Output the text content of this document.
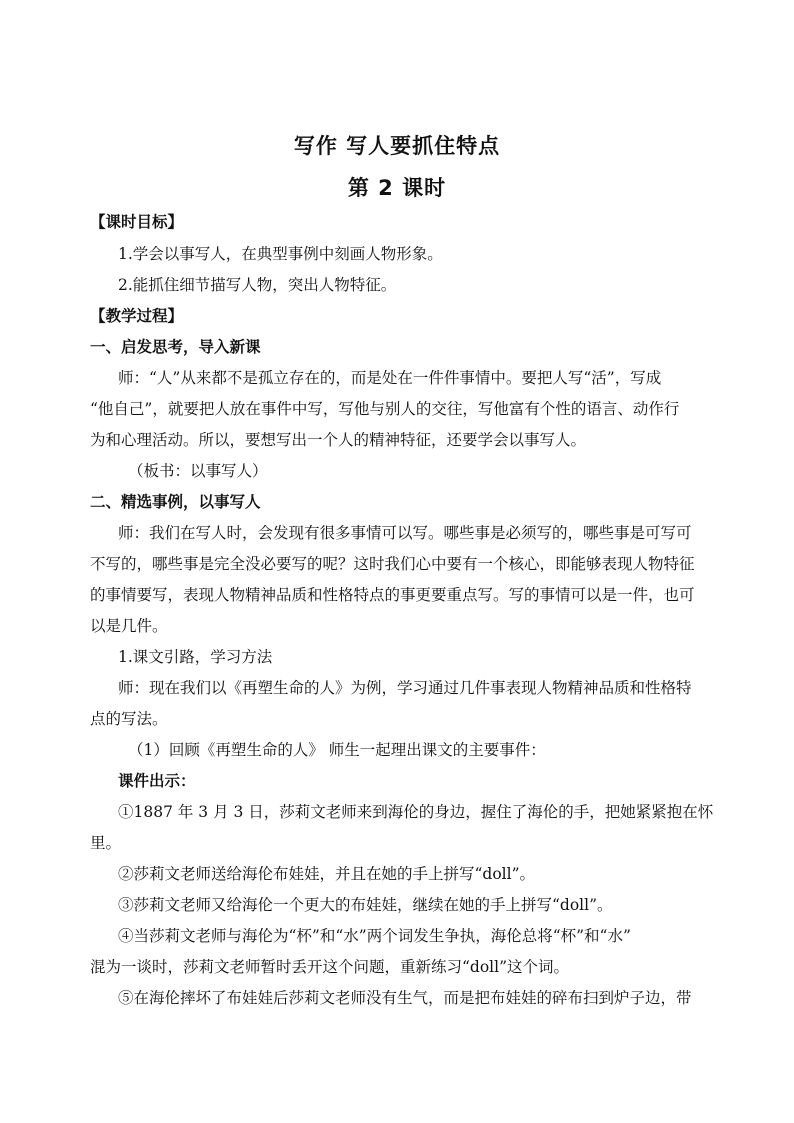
写作 写人要抓住特点
第 2 课时
【课时目标】
1.学会以事写人，在典型事例中刻画人物形象。
2.能抓住细节描写人物，突出人物特征。
【教学过程】
一、启发思考，导入新课
师：“人”从来都不是孤立存在的，而是处在一件件事情中。要把人写“活”，写成
“他自己”，就要把人放在事件中写，写他与别人的交往，写他富有个性的语言、动作行
为和心理活动。所以，要想写出一个人的精神特征，还要学会以事写人。
（板书：以事写人）
二、精选事例，以事写人
师：我们在写人时，会发现有很多事情可以写。哪些事是必须写的，哪些事是可写可
不写的，哪些事是完全没必要写的呢？这时我们心中要有一个核心，即能够表现人物特征
的事情要写，表现人物精神品质和性格特点的事更要重点写。写的事情可以是一件，也可
以是几件。
1.课文引路，学习方法
师：现在我们以《再塑生命的人》为例，学习通过几件事表现人物精神品质和性格特
点的写法。
（1）回顾《再塑生命的人》 师生一起理出课文的主要事件：
课件出示：
①1887 年 3 月 3 日，莎莉文老师来到海伦的身边，握住了海伦的手，把她紧紧抱在怀
里。
②莎莉文老师送给海伦布娃娃，并且在她的手上拼写“doll”。
③莎莉文老师又给海伦一个更大的布娃娃，继续在她的手上拼写“doll”。
④当莎莉文老师与海伦为“杯”和“水”两个词发生争执，海伦总将“杯”和“水”
混为一谈时，莎莉文老师暂时丢开这个问题，重新练习“doll”这个词。
⑤在海伦摔坏了布娃娃后莎莉文老师没有生气，而是把布娃娃的碎布扫到炉子边，带
